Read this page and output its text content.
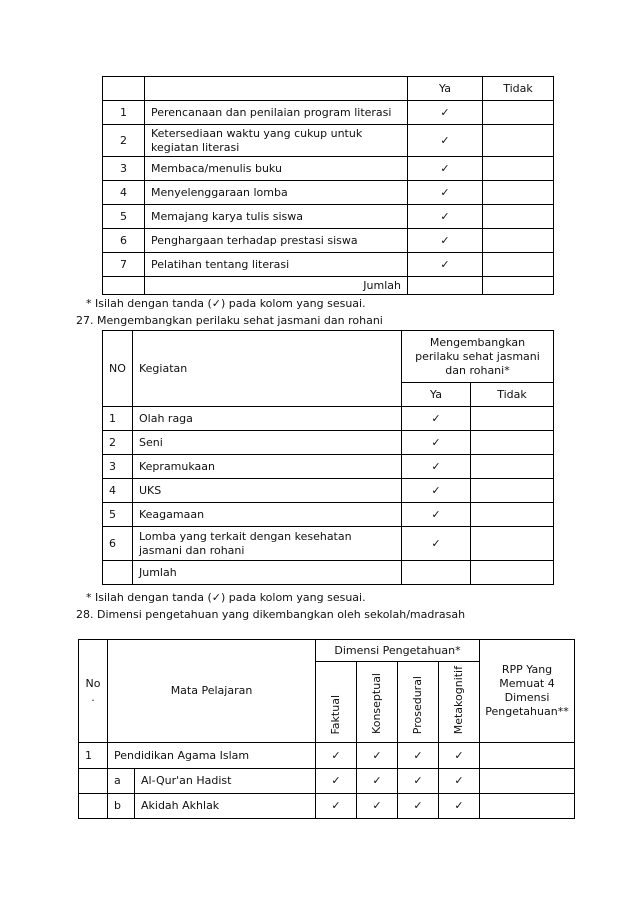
		Ya	Tidak
1	Perencanaan dan penilaian program literasi	✓	
2	Ketersediaan waktu yang cukup untuk kegiatan literasi	✓	
3	Membaca/menulis buku	✓	
4	Menyelenggaraan lomba	✓	
5	Memajang karya tulis siswa	✓	
6	Penghargaan terhadap prestasi siswa	✓	
7	Pelatihan tentang literasi	✓	
	Jumlah		
* Isilah dengan tanda (✓) pada kolom yang sesuai.
27. Mengembangkan perilaku sehat jasmani dan rohani
NO	Kegiatan	Mengembangkan perilaku sehat jasmani dan rohani*	
		Ya	Tidak
1	Olah raga	✓	
2	Seni	✓	
3	Kepramukaan	✓	
4	UKS	✓	
5	Keagamaan	✓	
6	Lomba yang terkait dengan kesehatan jasmani dan rohani	✓	
	Jumlah		
* Isilah dengan tanda (✓) pada kolom yang sesuai.
28. Dimensi pengetahuan yang dikembangkan oleh sekolah/madrasah
No .	Mata Pelajaran		Dimensi Pengetahuan*				RPP Yang Memuat 4 Dimensi Pengetahuan**
			Faktual	Konseptual	Prosedural	Metakognitif	
1	Pendidikan Agama Islam		✓	✓	✓	✓	
	a	Al-Qur'an Hadist	✓	✓	✓	✓	
	b	Akidah Akhlak	✓	✓	✓	✓	
